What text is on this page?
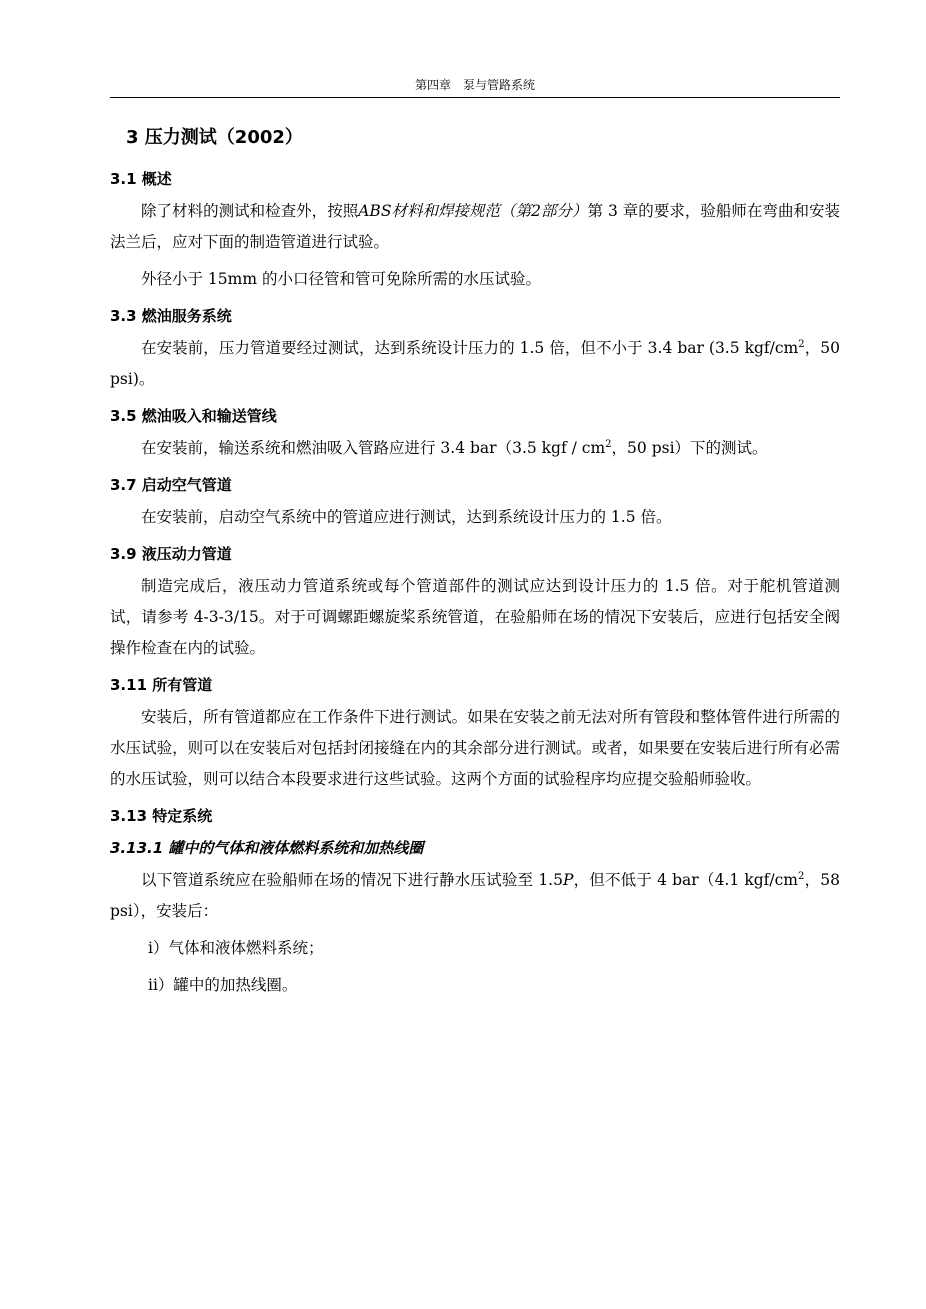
第四章　泵与管路系统
3 压力测试（2002）
3.1 概述

除了材料的测试和检查外，按照ABS材料和焊接规范（第2部分）第 3 章的要求，验船师在弯曲和安装法兰后，应对下面的制造管道进行试验。

外径小于 15mm 的小口径管和管可免除所需的水压试验。

3.3 燃油服务系统

在安装前，压力管道要经过测试，达到系统设计压力的 1.5 倍，但不小于 3.4 bar (3.5 kgf/$cm^2$，50 psi)。

3.5 燃油吸入和输送管线

在安装前，输送系统和燃油吸入管路应进行 3.4 bar（3.5 kgf / $cm^2$，50 psi）下的测试。

3.7 启动空气管道

在安装前，启动空气系统中的管道应进行测试，达到系统设计压力的 1.5 倍。

3.9 液压动力管道

制造完成后，液压动力管道系统或每个管道部件的测试应达到设计压力的 1.5 倍。对于舵机管道测试，请参考 4-3-3/15。对于可调螺距螺旋桨系统管道，在验船师在场的情况下安装后，应进行包括安全阀操作检查在内的试验。

3.11 所有管道

安装后，所有管道都应在工作条件下进行测试。如果在安装之前无法对所有管段和整体管件进行所需的水压试验，则可以在安装后对包括封闭接缝在内的其余部分进行测试。或者，如果要在安装后进行所有必需的水压试验，则可以结合本段要求进行这些试验。这两个方面的试验程序均应提交验船师验收。

3.13 特定系统
3.13.1 罐中的气体和液体燃料系统和加热线圈

以下管道系统应在验船师在场的情况下进行静水压试验至 1.5P，但不低于 4 bar（4.1 kgf/$cm^2$，58 psi），安装后：

i）气体和液体燃料系统；
ii）罐中的加热线圈。
